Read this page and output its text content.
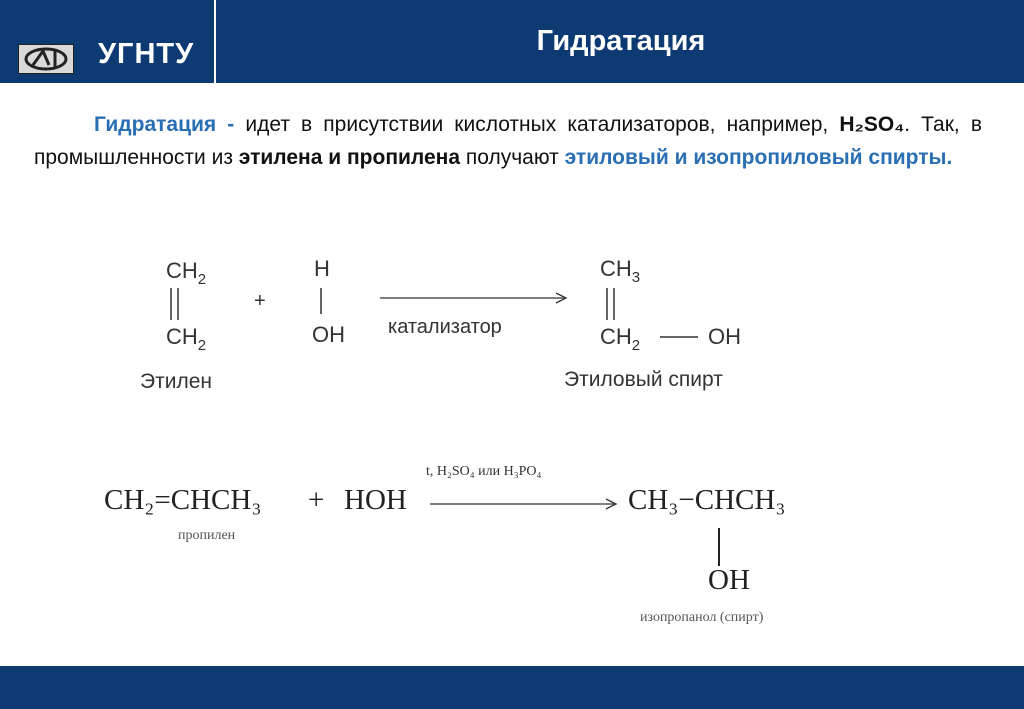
УГНТУ	Гидратация

Гидратация - идет в присутствии кислотных катализаторов, например, H₂SO₄. Так, в промышленности из этилена и пропилена получают этиловый и изопропиловый спирты.

$CH_2$
$CH_2$
+
H
OH катализатор
$CH_3$
$CH_2$	OH
Этилен	Этиловый спирт
CH₂=CHCH₃ + HOH
t, H₂SO₄ или H₃PO₄
CH₃−CHCH₃
OH
пропилен
изопропанол (спирт)
